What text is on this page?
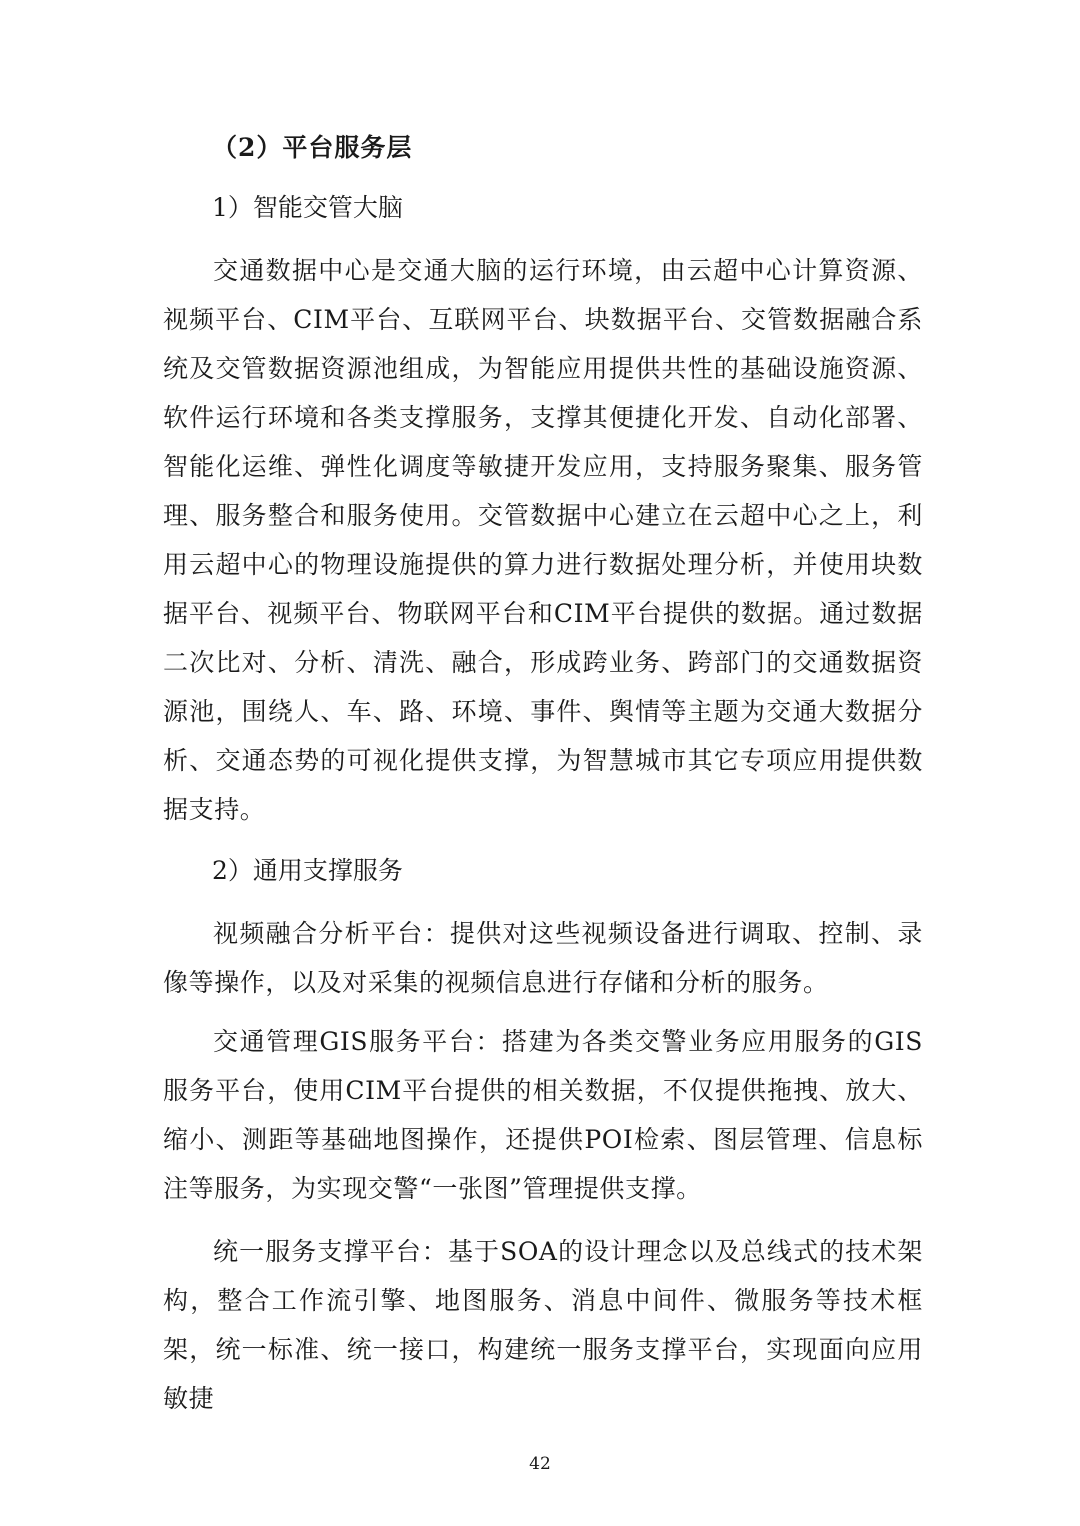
（2）平台服务层
1）智能交管大脑

交通数据中心是交通大脑的运行环境，由云超中心计算资源、视频平台、CIM平台、互联网平台、块数据平台、交管数据融合系统及交管数据资源池组成，为智能应用提供共性的基础设施资源、软件运行环境和各类支撑服务，支撑其便捷化开发、自动化部署、智能化运维、弹性化调度等敏捷开发应用，支持服务聚集、服务管理、服务整合和服务使用。交管数据中心建立在云超中心之上，利用云超中心的物理设施提供的算力进行数据处理分析，并使用块数据平台、视频平台、物联网平台和CIM平台提供的数据。通过数据二次比对、分析、清洗、融合，形成跨业务、跨部门的交通数据资源池，围绕人、车、路、环境、事件、舆情等主题为交通大数据分析、交通态势的可视化提供支撑，为智慧城市其它专项应用提供数据支持。

2）通用支撑服务

视频融合分析平台：提供对这些视频设备进行调取、控制、录像等操作，以及对采集的视频信息进行存储和分析的服务。

交通管理GIS服务平台：搭建为各类交警业务应用服务的GIS服务平台，使用CIM平台提供的相关数据，不仅提供拖拽、放大、缩小、测距等基础地图操作，还提供POI检索、图层管理、信息标注等服务，为实现交警“一张图”管理提供支撑。

统一服务支撑平台：基于SOA的设计理念以及总线式的技术架构，整合工作流引擎、地图服务、消息中间件、微服务等技术框架，统一标准、统一接口，构建统一服务支撑平台，实现面向应用敏捷

42
